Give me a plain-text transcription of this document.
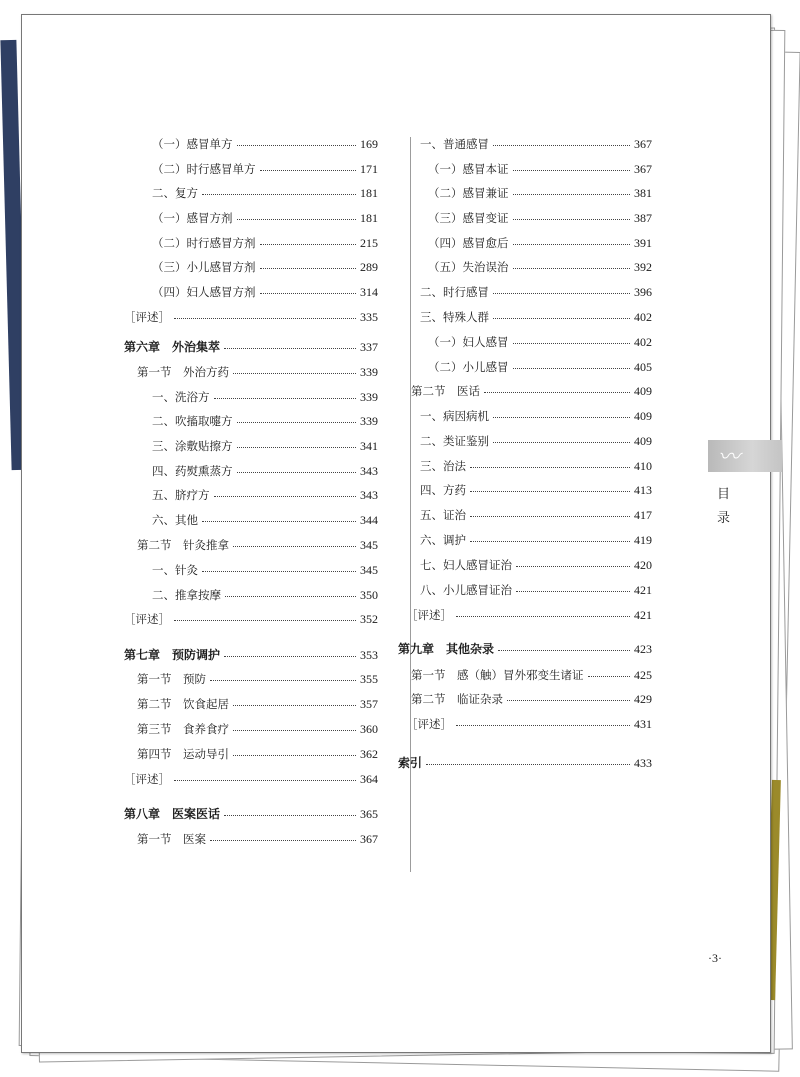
（一）感冒单方	169
（二）时行感冒单方	171
二、复方	181
（一）感冒方剂	181
（二）时行感冒方剂	215
（三）小儿感冒方剂	289
（四）妇人感冒方剂	314
［评述］	335
第六章　外治集萃	337
第一节　外治方药	339
一、洗浴方	339
二、吹搐取嚏方	339
三、涂敷贴擦方	341
四、药熨熏蒸方	343
五、脐疗方	343
六、其他	344
第二节　针灸推拿	345
一、针灸	345
二、推拿按摩	350
［评述］	352
第七章　预防调护	353
第一节　预防	355
第二节　饮食起居	357
第三节　食养食疗	360
第四节　运动导引	362
［评述］	364
第八章　医案医话	365
第一节　医案	367
一、普通感冒	367
（一）感冒本证	367
（二）感冒兼证	381
（三）感冒变证	387
（四）感冒愈后	391
（五）失治误治	392
二、时行感冒	396
三、特殊人群	402
（一）妇人感冒	402
（二）小儿感冒	405
第二节　医话	409
一、病因病机	409
二、类证鉴别	409
三、治法	410
四、方药	413
五、证治	417
六、调护	419
七、妇人感冒证治	420
八、小儿感冒证治	421
［评述］	421
第九章　其他杂录	423
第一节　感（触）冒外邪变生诸证	425
第二节　临证杂录	429
［评述］	431
索引	433
〰
目
录
·3·
